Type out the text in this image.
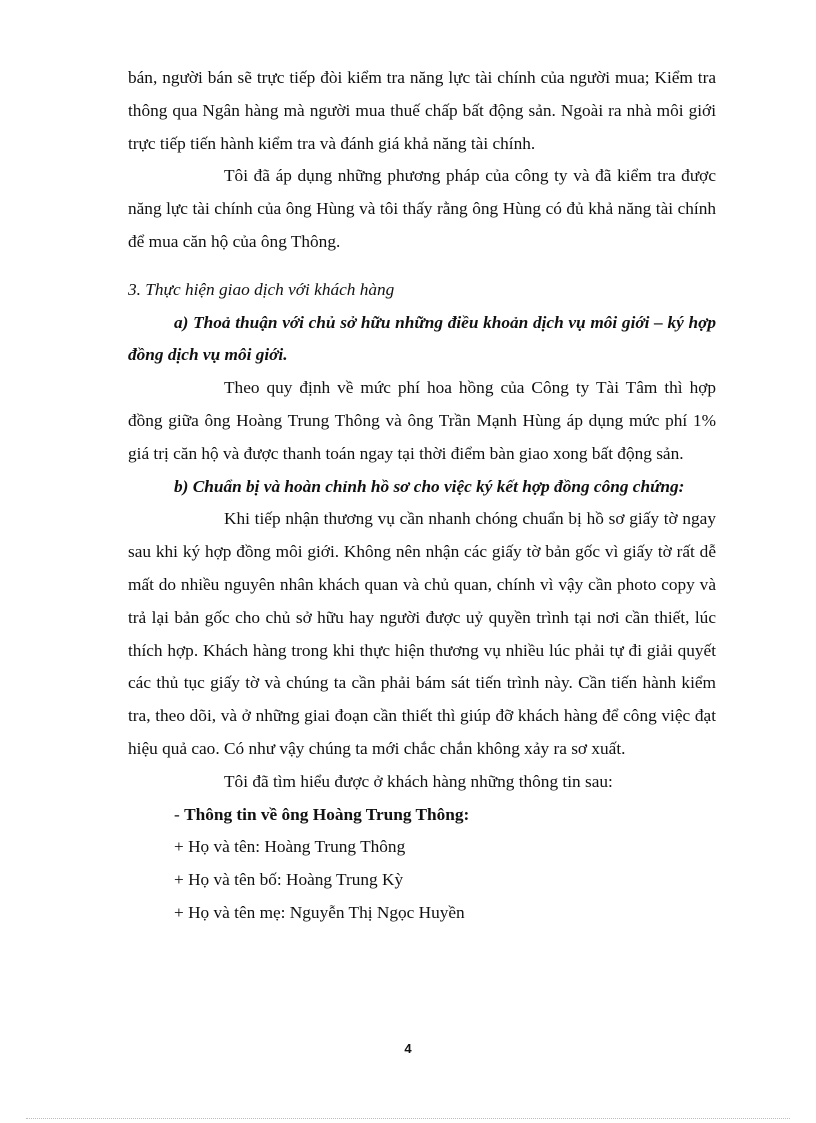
bán, người bán sẽ trực tiếp đòi kiểm tra năng lực tài chính của người mua; Kiểm tra thông qua Ngân hàng mà người mua thuế chấp bất động sản. Ngoài ra nhà môi giới trực tiếp tiến hành kiểm tra và đánh giá khả năng tài chính.

Tôi đã áp dụng những phương pháp của công ty và đã kiểm tra được năng lực tài chính của ông Hùng và tôi thấy rằng ông Hùng có đủ khả năng tài chính để mua căn hộ của ông Thông.

3. Thực hiện giao dịch với khách hàng

a) Thoả thuận với chủ sở hữu những điều khoản dịch vụ môi giới – ký hợp đồng dịch vụ môi giới.

Theo quy định về mức phí hoa hồng của Công ty Tài Tâm thì hợp đồng giữa ông Hoàng Trung Thông và ông Trần Mạnh Hùng áp dụng mức phí 1% giá trị căn hộ và được thanh toán ngay tại thời điểm bàn giao xong bất động sản.

b) Chuẩn bị và hoàn chỉnh hồ sơ cho việc ký kết hợp đồng công chứng:

Khi tiếp nhận thương vụ cần nhanh chóng chuẩn bị hồ sơ giấy tờ ngay sau khi ký hợp đồng môi giới. Không nên nhận các giấy tờ bản gốc vì giấy tờ rất dễ mất do nhiều nguyên nhân khách quan và chủ quan, chính vì vậy cần photo copy và trả lại bản gốc cho chủ sở hữu hay người được uỷ quyền trình tại nơi cần thiết, lúc thích hợp. Khách hàng trong khi thực hiện thương vụ nhiều lúc phải tự đi giải quyết các thủ tục giấy tờ và chúng ta cần phải bám sát tiến trình này. Cần tiến hành kiểm tra, theo dõi, và ở những giai đoạn cần thiết thì giúp đỡ khách hàng để công việc đạt hiệu quả cao. Có như vậy chúng ta mới chắc chắn không xảy ra sơ xuất.

Tôi đã tìm hiểu được ở khách hàng những thông tin sau:

- Thông tin về ông Hoàng Trung Thông:

+ Họ và tên: Hoàng Trung Thông

+ Họ và tên bố: Hoàng Trung Kỳ

+ Họ và tên mẹ: Nguyễn Thị Ngọc Huyền

4
